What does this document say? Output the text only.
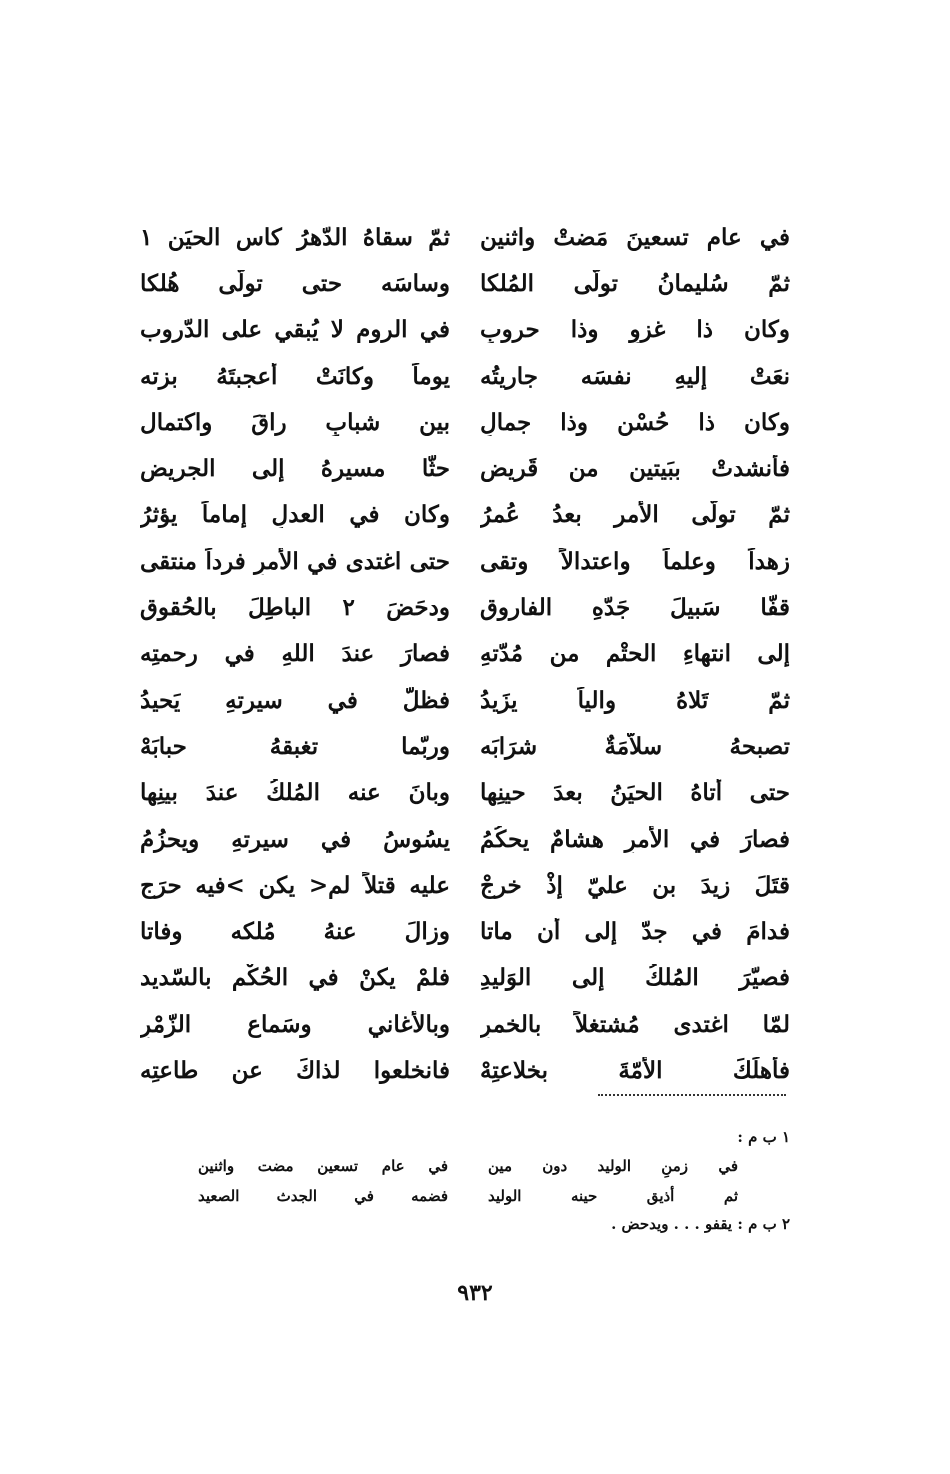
في عامِ تسعينَ مَضتْ واثنينِ
ثمّ سقاهُ الدّهرُ كاس الحيَن ١
ثمّ سُليمانُ تولّى المُلكا
وساسَه حتى تولّى هُلكا
وكان ذا غزوٍ وذا حروبِ
في الرومِ لا يُبقي على الدّروب
نعَتْ إليهِ نفسَه جاريتُه
يوماً وكانَتْ أعجبتَهُ بزته
وكان ذا حُسْنٍ وذا جمالِ
بين شبابٍ راقَ واكتمال
فأنشدتْ ببَيتينِ من قَريضِ
حثّا مسيرهُ إلى الجريض
ثمّ تولّى الأمر بعدُ عُمرُ
وكان في العدلِ إماماً يؤثرُ
زهداً وعلماً واعتدالاً وتقى
حتى اغتدى في الأمرِ فرداً منتقى
قفّا سَبيلَ جَدّهِ الفاروقِ
ودحَضَ ٢ الباطِلَ بالحُقوق
إلى انتهاءِ الحتْمِ من مُدّتهِ
فصارَ عندَ اللهِ في رحمتِه
ثمّ تَلاهُ والياً يزَيدُ
فظلّ في سيرتهِ يَحيدُ
تصبحهُ سلاّمَةٌ شرَابَه
وربّما تغبقهُ حبابَهْ
حتى أتاهُ الحيَنُ بعدَ حينِها
وبانَ عنه المُلكُ عندَ بينِها
فصارَ في الأمرِ هشامٌ يحكُمُ
يسُوسُ في سيرتهِ ويحزُمُ
قتَلَ زيدَ بن عليّ إذْ خرجْ
عليه قتلاً لم< يكن >فيه حرَج
فدامَ في جدّ إلى أن ماتا
وزالَ عنهُ مُلكه وفاتا
فصيّرَ المُلكُ إلى الوَليدِ
فلمْ يكنْ في الحُكْمِ بالسّديد
لمّا اغتدى مُشتغلاً بالخمرِ
وبالأغاني وسَماعِ الزّمْرِ
فأهلَكَ الأمّةَ بخلاعتِهْ
فانخلعوا لذاكَ عن طاعتِه
١ ب م :
في زمنِ الوليد دون مين
في عام تسعين مضت واثنين
ثم أذيق حينه الوليد
فضمه في الجدث الصعيد
٢ ب م : يقفو . . . ويدحض .
٩٣٢
